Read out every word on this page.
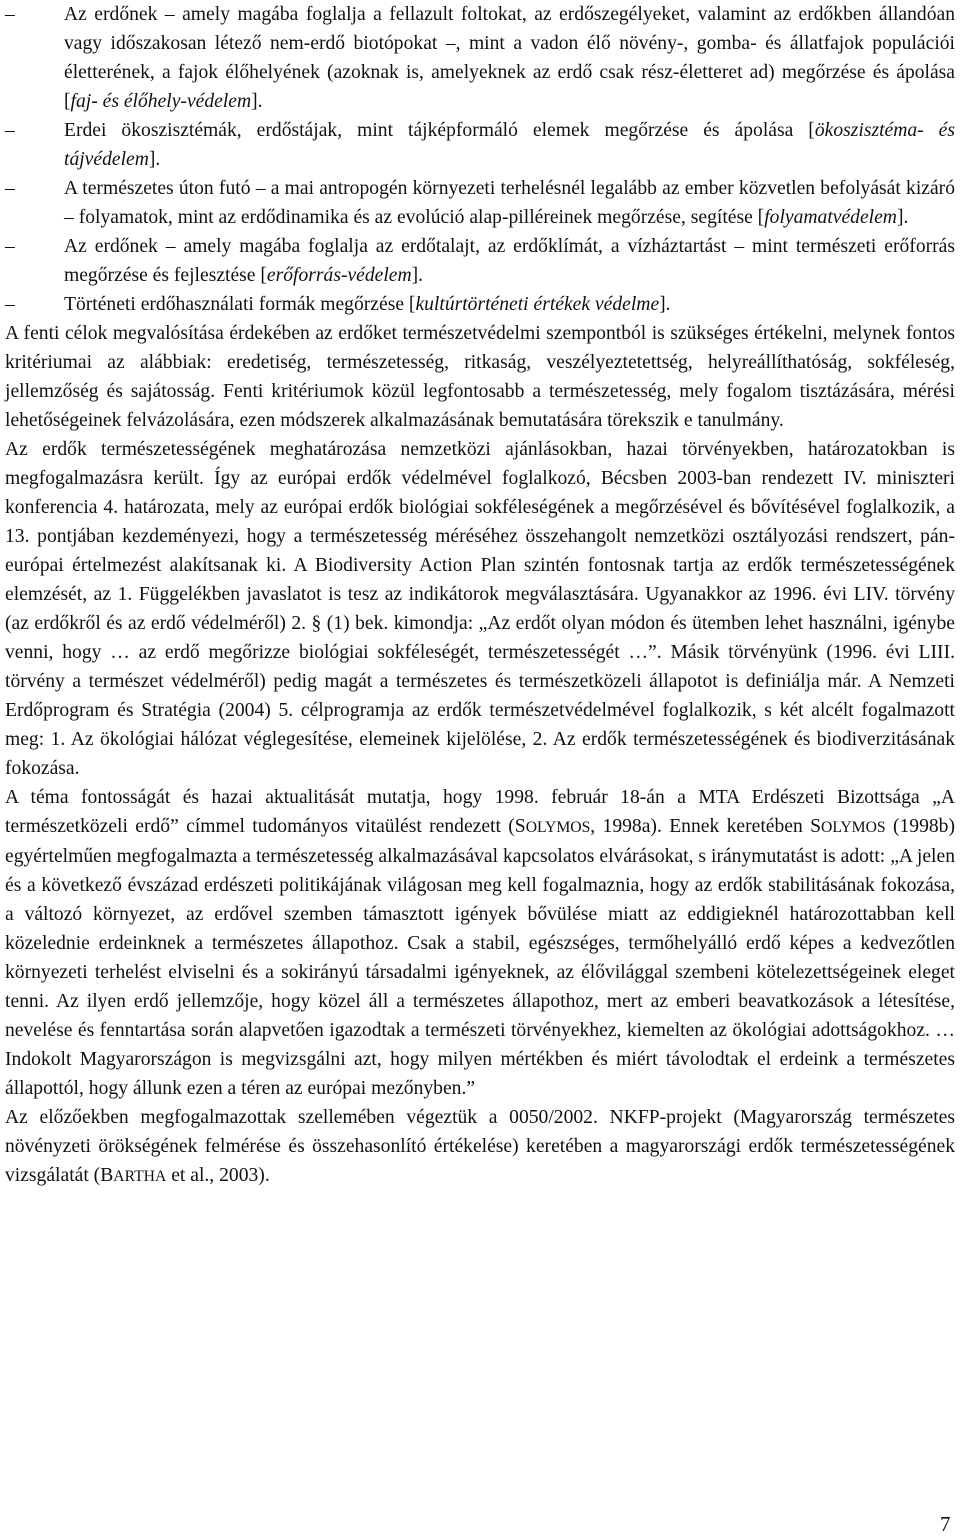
–	Az erdőnek – amely magába foglalja a fellazult foltokat, az erdőszegélyeket, valamint az erdőkben állandóan vagy időszakosan létező nem-erdő biotópokat –, mint a vadon élő növény-, gomba- és állatfajok populációi életterének, a fajok élőhelyének (azoknak is, amelyeknek az erdő csak rész-életteret ad) megőrzése és ápolása [faj- és élőhely-védelem].
–	Erdei ökoszisztémák, erdőstájak, mint tájképformáló elemek megőrzése és ápolása [ökoszisztéma- és tájvédelem].
–	A természetes úton futó – a mai antropogén környezeti terhelésnél legalább az ember közvetlen befolyását kizáró – folyamatok, mint az erdődinamika és az evolúció alap-pilléreinek megőrzése, segítése [folyamatvédelem].
–	Az erdőnek – amely magába foglalja az erdőtalajt, az erdőklímát, a vízháztartást – mint természeti erőforrás megőrzése és fejlesztése [erőforrás-védelem].
–	Történeti erdőhasználati formák megőrzése [kultúrtörténeti értékek védelme].

A fenti célok megvalósítása érdekében az erdőket természetvédelmi szempontból is szükséges értékelni, melynek fontos kritériumai az alábbiak: eredetiség, természetesség, ritkaság, veszélyeztetettség, helyreállíthatóság, sokféleség, jellemzőség és sajátosság. Fenti kritériumok közül legfontosabb a természetesség, mely fogalom tisztázására, mérési lehetőségeinek felvázolására, ezen módszerek alkalmazásának bemutatására törekszik e tanulmány.

Az erdők természetességének meghatározása nemzetközi ajánlásokban, hazai törvényekben, határozatokban is megfogalmazásra került. Így az európai erdők védelmével foglalkozó, Bécsben 2003-ban rendezett IV. miniszteri konferencia 4. határozata, mely az európai erdők biológiai sokféleségének a megőrzésével és bővítésével foglalkozik, a 13. pontjában kezdeményezi, hogy a természetesség méréséhez összehangolt nemzetközi osztályozási rendszert, pán-európai értelmezést alakítsanak ki. A Biodiversity Action Plan szintén fontosnak tartja az erdők természetességének elemzését, az 1. Függelékben javaslatot is tesz az indikátorok megválasztására. Ugyanakkor az 1996. évi LIV. törvény (az erdőkről és az erdő védelméről) 2. § (1) bek. kimondja: „Az erdőt olyan módon és ütemben lehet használni, igénybe venni, hogy … az erdő megőrizze biológiai sokféleségét, természetességét …”. Másik törvényünk (1996. évi LIII. törvény a természet védelméről) pedig magát a természetes és természetközeli állapotot is definiálja már. A Nemzeti Erdőprogram és Stratégia (2004) 5. célprogramja az erdők természetvédelmével foglalkozik, s két alcélt fogalmazott meg: 1. Az ökológiai hálózat véglegesítése, elemeinek kijelölése, 2. Az erdők természetességének és biodiverzitásának fokozása.

A téma fontosságát és hazai aktualitását mutatja, hogy 1998. február 18-án a MTA Erdészeti Bizottsága „A természetközeli erdő” címmel tudományos vitaülést rendezett (SOLYMOS, 1998a). Ennek keretében SOLYMOS (1998b) egyértelműen megfogalmazta a természetesség alkalmazásával kapcsolatos elvárásokat, s iránymutatást is adott: „A jelen és a következő évszázad erdészeti politikájának világosan meg kell fogalmaznia, hogy az erdők stabilitásának fokozása, a változó környezet, az erdővel szemben támasztott igények bővülése miatt az eddigieknél határozottabban kell közelednie erdeinknek a természetes állapothoz. Csak a stabil, egészséges, termőhelyálló erdő képes a kedvezőtlen környezeti terhelést elviselni és a sokirányú társadalmi igényeknek, az élővilággal szembeni kötelezettségeinek eleget tenni. Az ilyen erdő jellemzője, hogy közel áll a természetes állapothoz, mert az emberi beavatkozások a létesítése, nevelése és fenntartása során alapvetően igazodtak a természeti törvényekhez, kiemelten az ökológiai adottságokhoz. … Indokolt Magyarországon is megvizsgálni azt, hogy milyen mértékben és miért távolodtak el erdeink a természetes állapottól, hogy állunk ezen a téren az európai mezőnyben.”

Az előzőekben megfogalmazottak szellemében végeztük a 0050/2002. NKFP-projekt (Magyarország természetes növényzeti örökségének felmérése és összehasonlító értékelése) keretében a magyarországi erdők természetességének vizsgálatát (BARTHA et al., 2003).

7
